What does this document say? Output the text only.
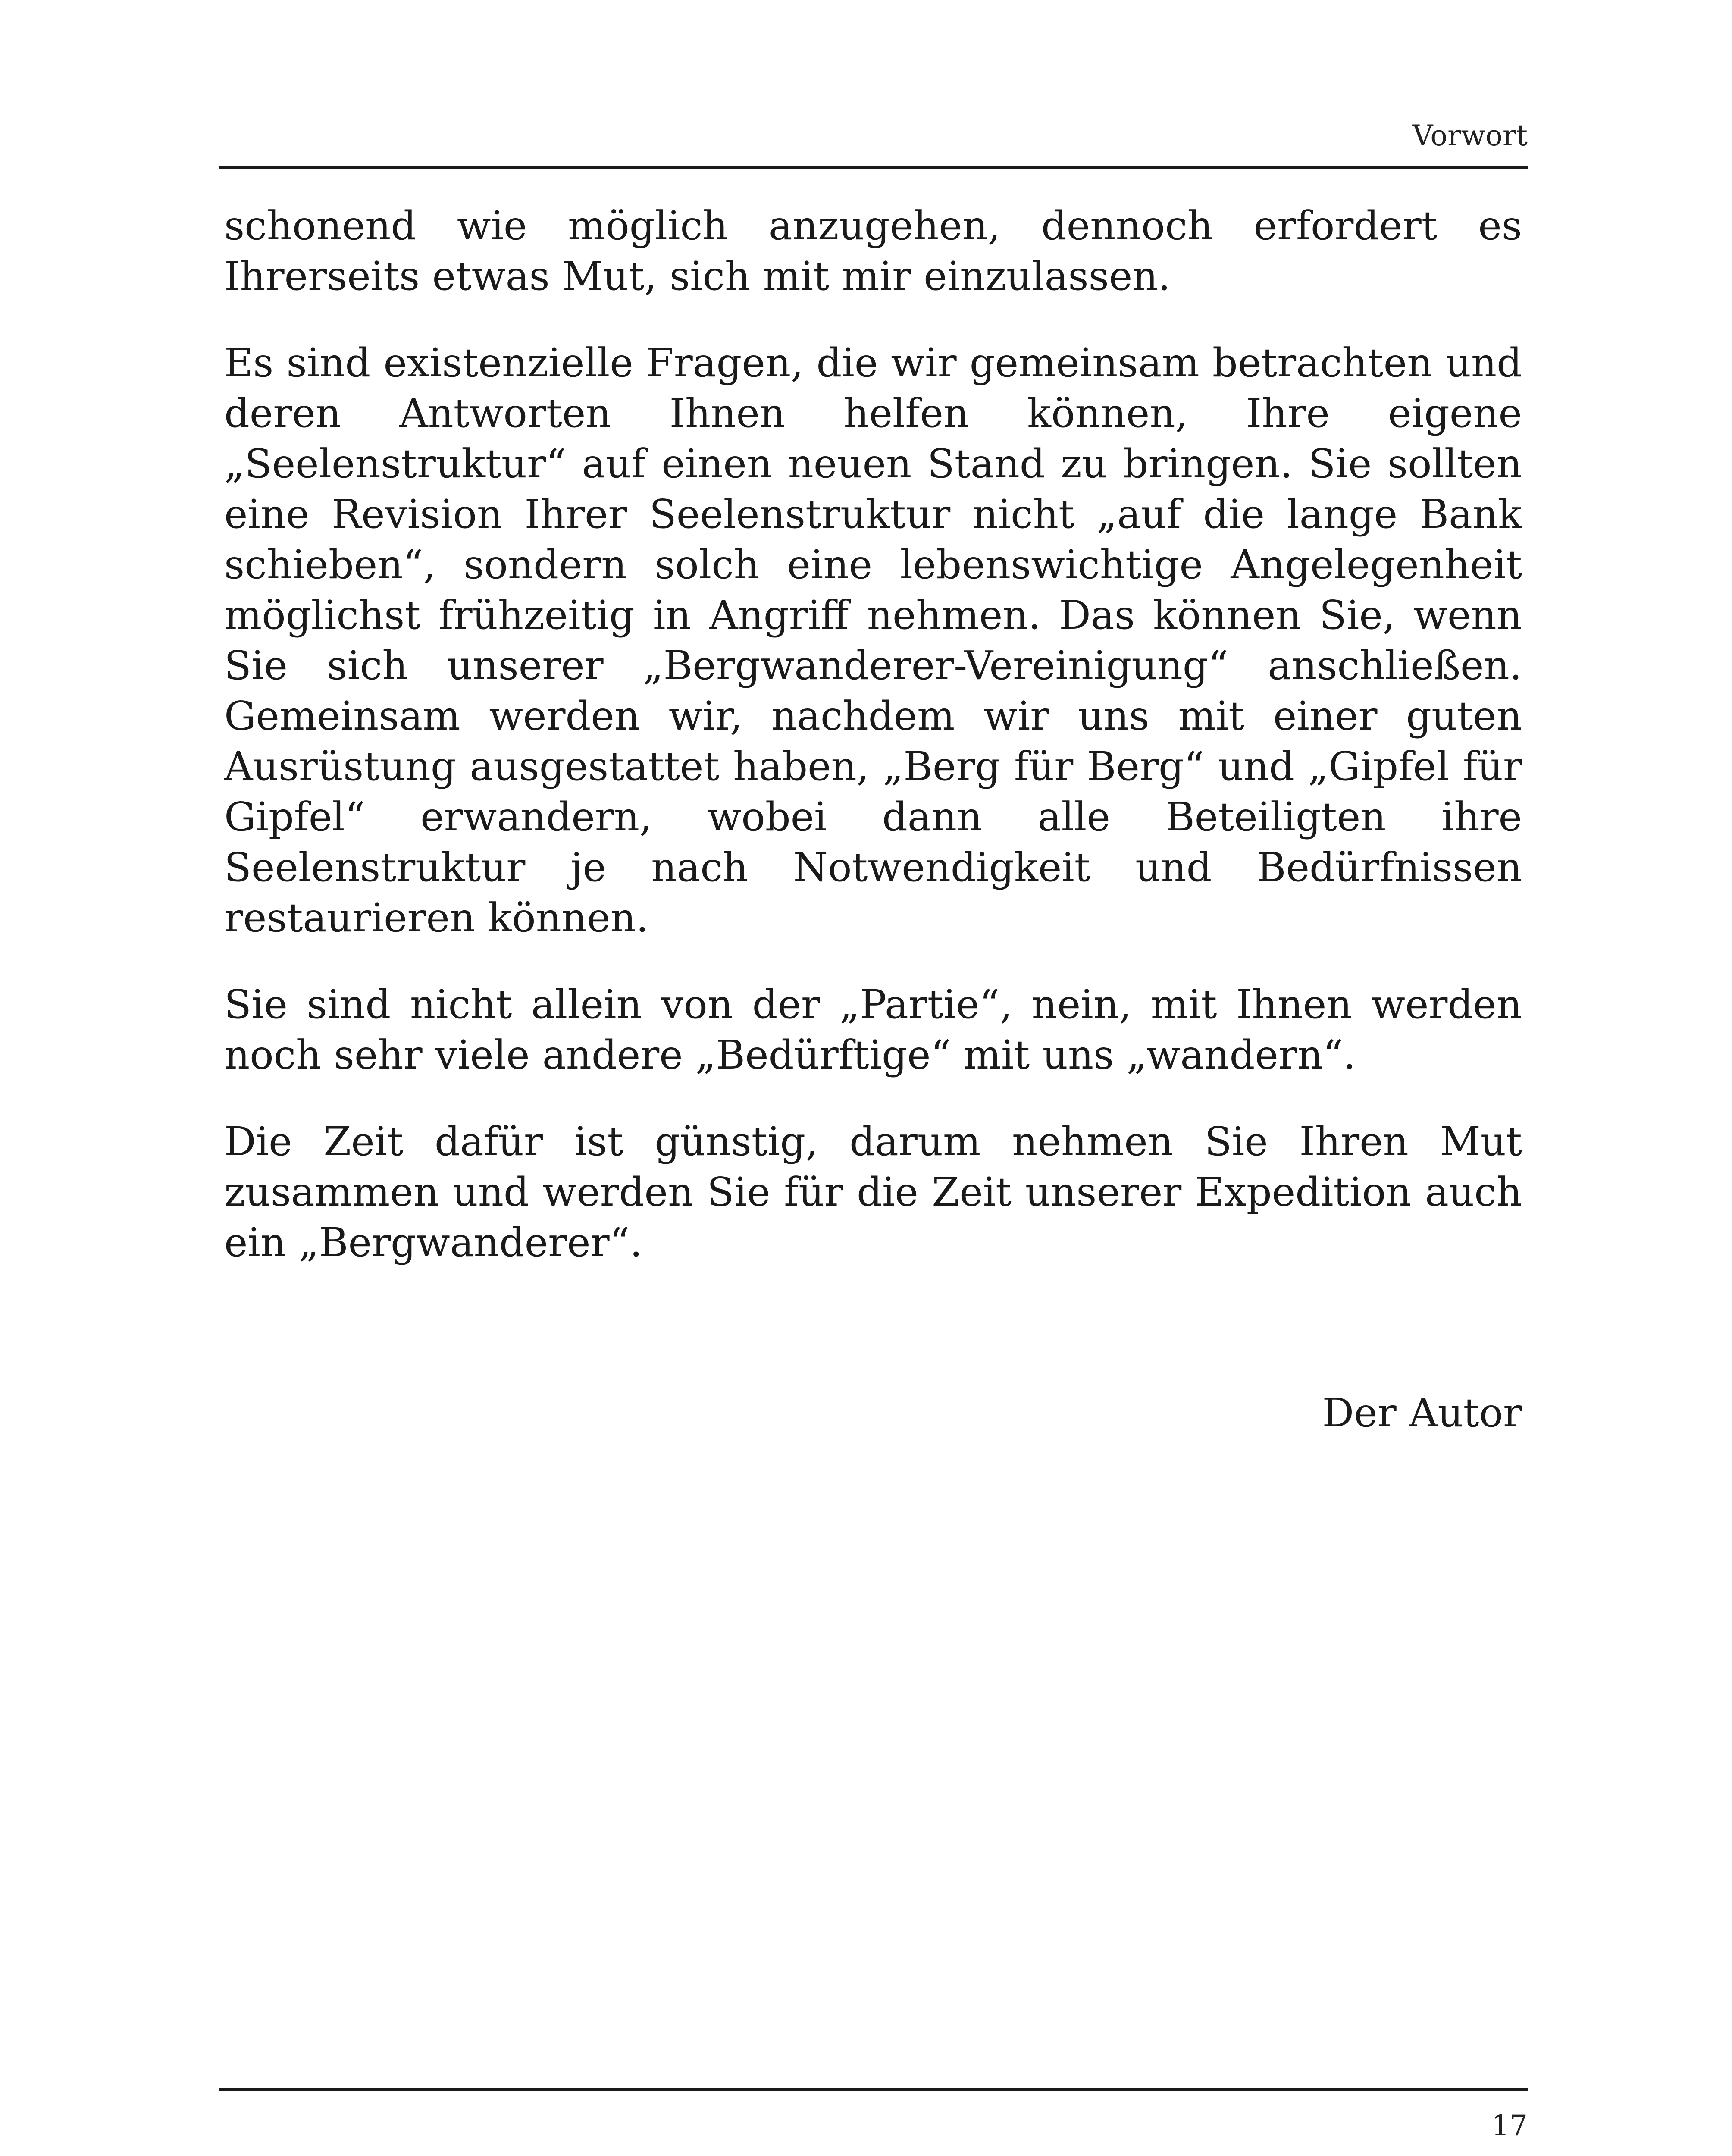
Vorwort

schonend wie möglich anzugehen, dennoch erfordert es Ihrerseits etwas Mut, sich mit mir einzulassen.

Es sind existenzielle Fragen, die wir gemeinsam betrachten und deren Antworten Ihnen helfen können, Ihre eigene „Seelenstruktur“ auf einen neuen Stand zu bringen. Sie sollten eine Revision Ihrer Seelenstruktur nicht „auf die lange Bank schieben“, sondern solch eine lebenswichtige Angelegenheit möglichst frühzeitig in Angriff nehmen. Das können Sie, wenn Sie sich unserer „Bergwanderer-Vereinigung“ anschließen. Gemeinsam werden wir, nachdem wir uns mit einer guten Ausrüstung ausgestattet haben, „Berg für Berg“ und „Gipfel für Gipfel“ erwandern, wobei dann alle Beteiligten ihre Seelenstruktur je nach Notwendigkeit und Bedürfnissen restaurieren können.

Sie sind nicht allein von der „Partie“, nein, mit Ihnen werden noch sehr viele andere „Bedürftige“ mit uns „wandern“.

Die Zeit dafür ist günstig, darum nehmen Sie Ihren Mut zusammen und werden Sie für die Zeit unserer Expedition auch ein „Bergwanderer“.

Der Autor
17
